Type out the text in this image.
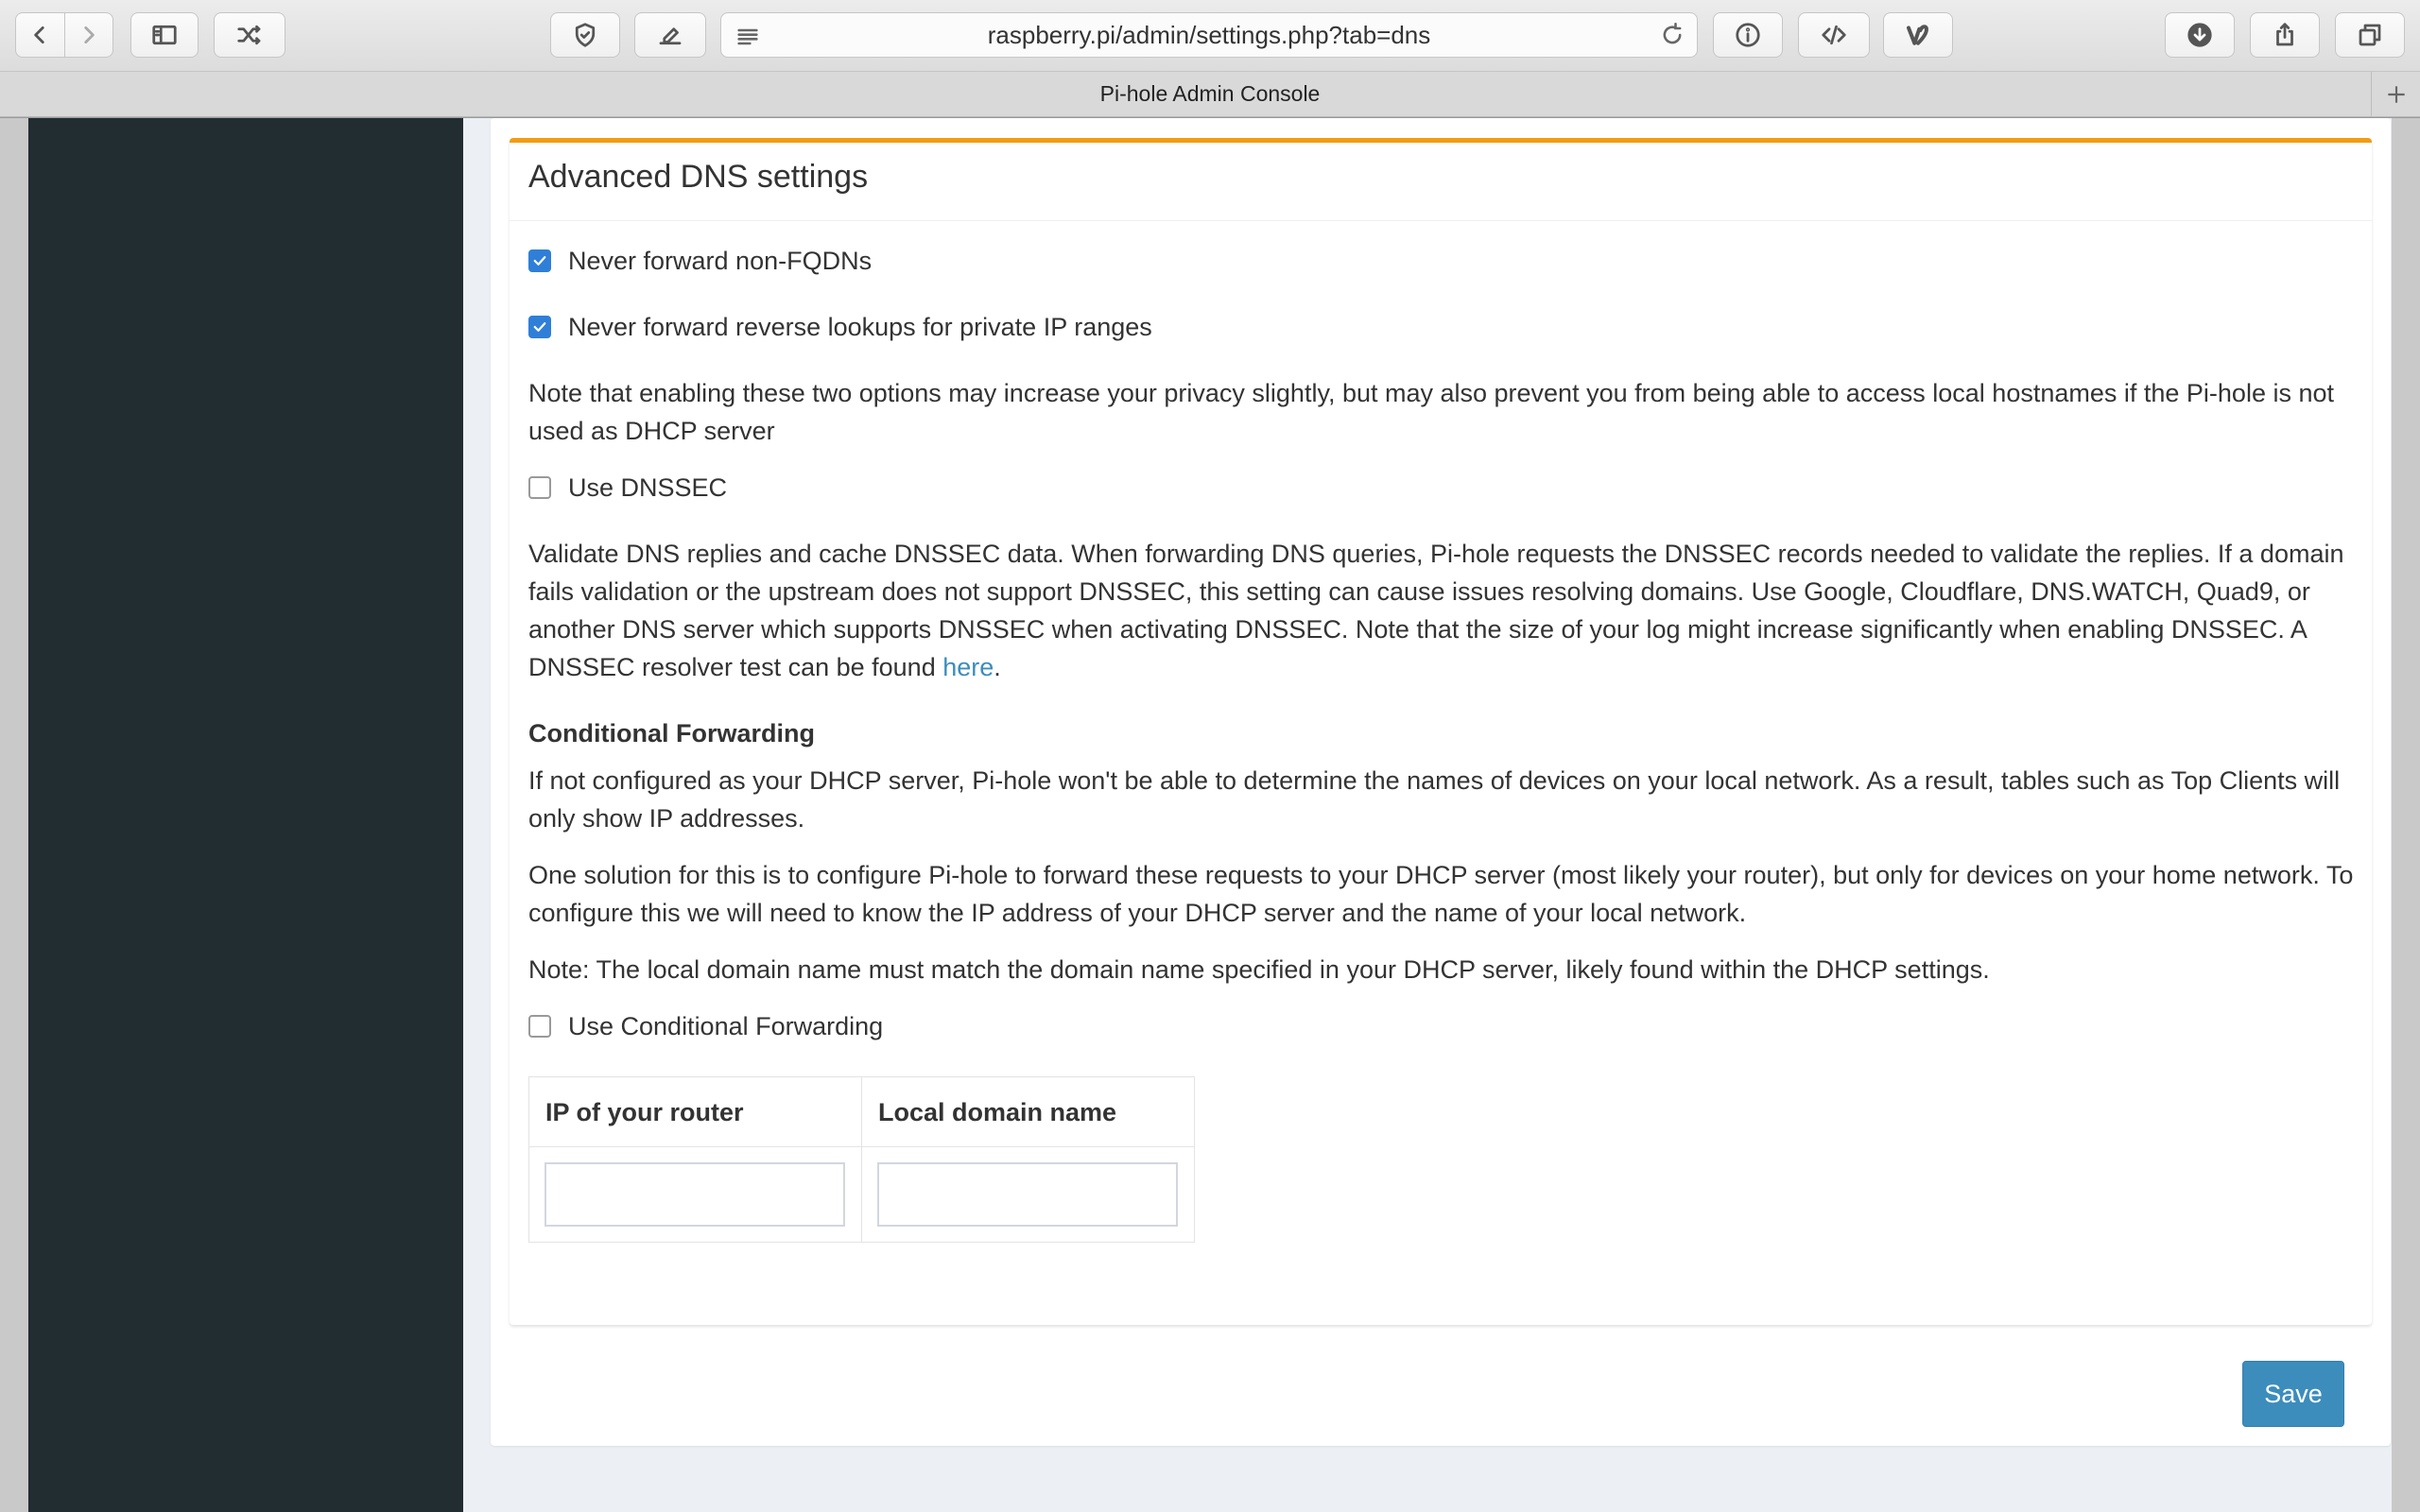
raspberry.pi/admin/settings.php?tab=dns
Pi-hole Admin Console
Advanced DNS settings
Never forward non-FQDNs
Never forward reverse lookups for private IP ranges

Note that enabling these two options may increase your privacy slightly, but may also prevent you from being able to access local hostnames if the Pi-hole is not used as DHCP server

Use DNSSEC

Validate DNS replies and cache DNSSEC data. When forwarding DNS queries, Pi-hole requests the DNSSEC records needed to validate the replies. If a domain fails validation or the upstream does not support DNSSEC, this setting can cause issues resolving domains. Use Google, Cloudflare, DNS.WATCH, Quad9, or another DNS server which supports DNSSEC when activating DNSSEC. Note that the size of your log might increase significantly when enabling DNSSEC. A DNSSEC resolver test can be found here.

Conditional Forwarding

If not configured as your DHCP server, Pi-hole won't be able to determine the names of devices on your local network. As a result, tables such as Top Clients will only show IP addresses.

One solution for this is to configure Pi-hole to forward these requests to your DHCP server (most likely your router), but only for devices on your home network. To configure this we will need to know the IP address of your DHCP server and the name of your local network.

Note: The local domain name must match the domain name specified in your DHCP server, likely found within the DHCP settings.

Use Conditional Forwarding
IP of your router	Local domain name

Save
